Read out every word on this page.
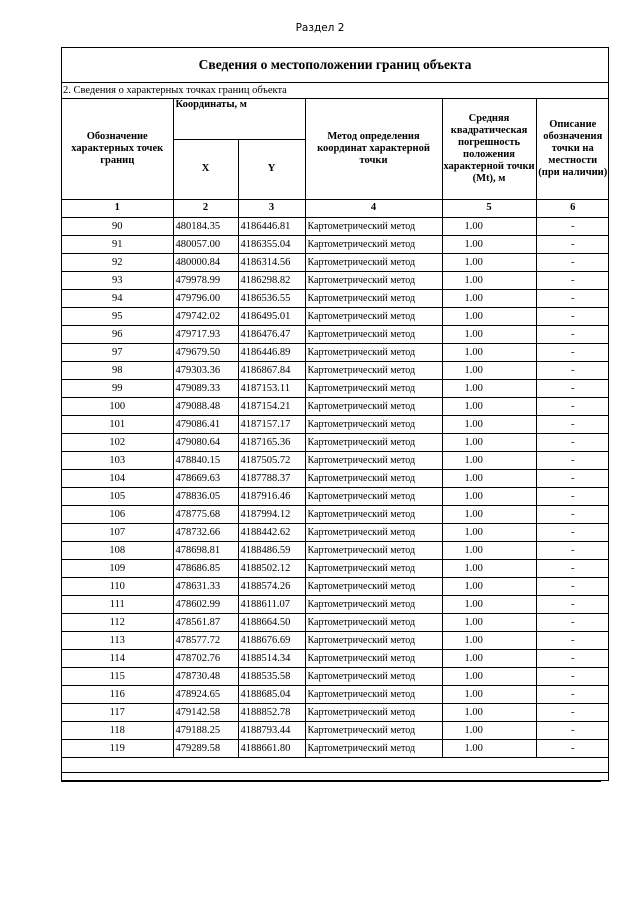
Раздел 2
Сведения о местоположении границ объекта
2. Сведения о характерных точках границ объекта
Обозначение характерных точек границ	Координаты, м		Метод определения координат характерной точки	Средняя квадратическая погрешность положения характерной точки (Mt), м	Описание обозначения точки на местности (при наличии)
	X	Y			
1	2	3	4	5	6
90	480184.35	4186446.81	Картометрический метод	1.00	-
91	480057.00	4186355.04	Картометрический метод	1.00	-
92	480000.84	4186314.56	Картометрический метод	1.00	-
93	479978.99	4186298.82	Картометрический метод	1.00	-
94	479796.00	4186536.55	Картометрический метод	1.00	-
95	479742.02	4186495.01	Картометрический метод	1.00	-
96	479717.93	4186476.47	Картометрический метод	1.00	-
97	479679.50	4186446.89	Картометрический метод	1.00	-
98	479303.36	4186867.84	Картометрический метод	1.00	-
99	479089.33	4187153.11	Картометрический метод	1.00	-
100	479088.48	4187154.21	Картометрический метод	1.00	-
101	479086.41	4187157.17	Картометрический метод	1.00	-
102	479080.64	4187165.36	Картометрический метод	1.00	-
103	478840.15	4187505.72	Картометрический метод	1.00	-
104	478669.63	4187788.37	Картометрический метод	1.00	-
105	478836.05	4187916.46	Картометрический метод	1.00	-
106	478775.68	4187994.12	Картометрический метод	1.00	-
107	478732.66	4188442.62	Картометрический метод	1.00	-
108	478698.81	4188486.59	Картометрический метод	1.00	-
109	478686.85	4188502.12	Картометрический метод	1.00	-
110	478631.33	4188574.26	Картометрический метод	1.00	-
111	478602.99	4188611.07	Картометрический метод	1.00	-
112	478561.87	4188664.50	Картометрический метод	1.00	-
113	478577.72	4188676.69	Картометрический метод	1.00	-
114	478702.76	4188514.34	Картометрический метод	1.00	-
115	478730.48	4188535.58	Картометрический метод	1.00	-
116	478924.65	4188685.04	Картометрический метод	1.00	-
117	479142.58	4188852.78	Картометрический метод	1.00	-
118	479188.25	4188793.44	Картометрический метод	1.00	-
119	479289.58	4188661.80	Картометрический метод	1.00	-
